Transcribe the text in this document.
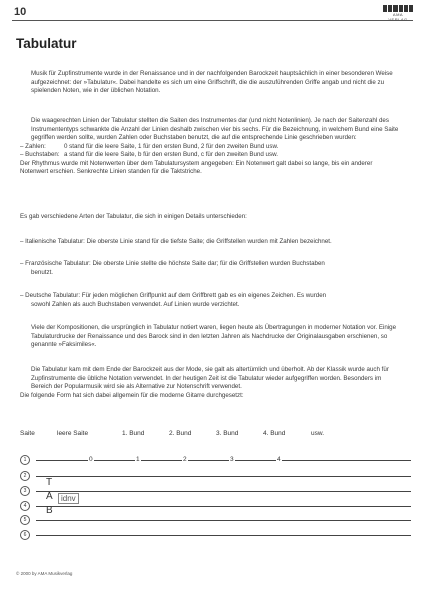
10	AMA VERLAG
Tabulatur

Musik für Zupfinstrumente wurde in der Renaissance und in der nachfolgenden Barockzeit hauptsächlich in einer besonderen Weise aufgezeichnet: der »Tabulatur«. Dabei handelte es sich um eine Griffschrift, die die auszuführenden Griffe angab und nicht die zu spielenden Noten, wie in der üblichen Notation.

Die waagerechten Linien der Tabulatur stellten die Saiten des Instrumentes dar (und nicht Notenlinien). Je nach der Saitenzahl des Instrumententyps schwankte die Anzahl der Linien deshalb zwischen vier bis sechs. Für die Bezeichnung, in welchem Bund eine Saite gegriffen werden sollte, wurden Zahlen oder Buchstaben benutzt, die auf die entsprechende Linie geschrieben wurden:

– Zahlen:	0 stand für die leere Saite, 1 für den ersten Bund, 2 für den zweiten Bund usw.
– Buchstaben: a stand für die leere Saite, b für den ersten Bund, c für den zweiten Bund usw.

Der Rhythmus wurde mit Notenwerten über dem Tabulatursystem angegeben: Ein Notenwert galt dabei so lange, bis ein anderer Notenwert erschien. Senkrechte Linien standen für die Taktstriche.

Es gab verschiedene Arten der Tabulatur, die sich in einigen Details unterschieden:

– Italienische Tabulatur: Die oberste Linie stand für die tiefste Saite; die Griffstellen wurden mit Zahlen bezeichnet.

– Französische Tabulatur: Die oberste Linie stellte die höchste Saite dar; für die Griffstellen wurden Buchstaben

benutzt.

– Deutsche Tabulatur: Für jeden möglichen Griffpunkt auf dem Griffbrett gab es ein eigenes Zeichen. Es wurden

sowohl Zahlen als auch Buchstaben verwendet. Auf Linien wurde verzichtet.

Viele der Kompositionen, die ursprünglich in Tabulatur notiert waren, liegen heute als Übertragungen in moderner Notation vor. Einige Tabulaturdrucke der Renaissance und des Barock sind in den letzten Jahren als Nachdrucke der Originalausgaben erschienen, so genannte »Faksimiles«.

Die Tabulatur kam mit dem Ende der Barockzeit aus der Mode, sie galt als altertümlich und überholt. Ab der Klassik wurde auch für Zupfinstrumente die übliche Notation verwendet. In der heutigen Zeit ist die Tabulatur wieder aufgegriffen worden. Besonders im Bereich der Popularmusik wird sie als Alternative zur Notenschrift verwendet.

Die folgende Form hat sich dabei allgemein für die moderne Gitarre durchgesetzt:

Saite	leere Saite	1. Bund	2. Bund	3. Bund	4. Bund	usw.
1
2
3
4
5
6
0	1	2	3	4
T
A
B
idnv
© 2000 by AMA Musikverlag
